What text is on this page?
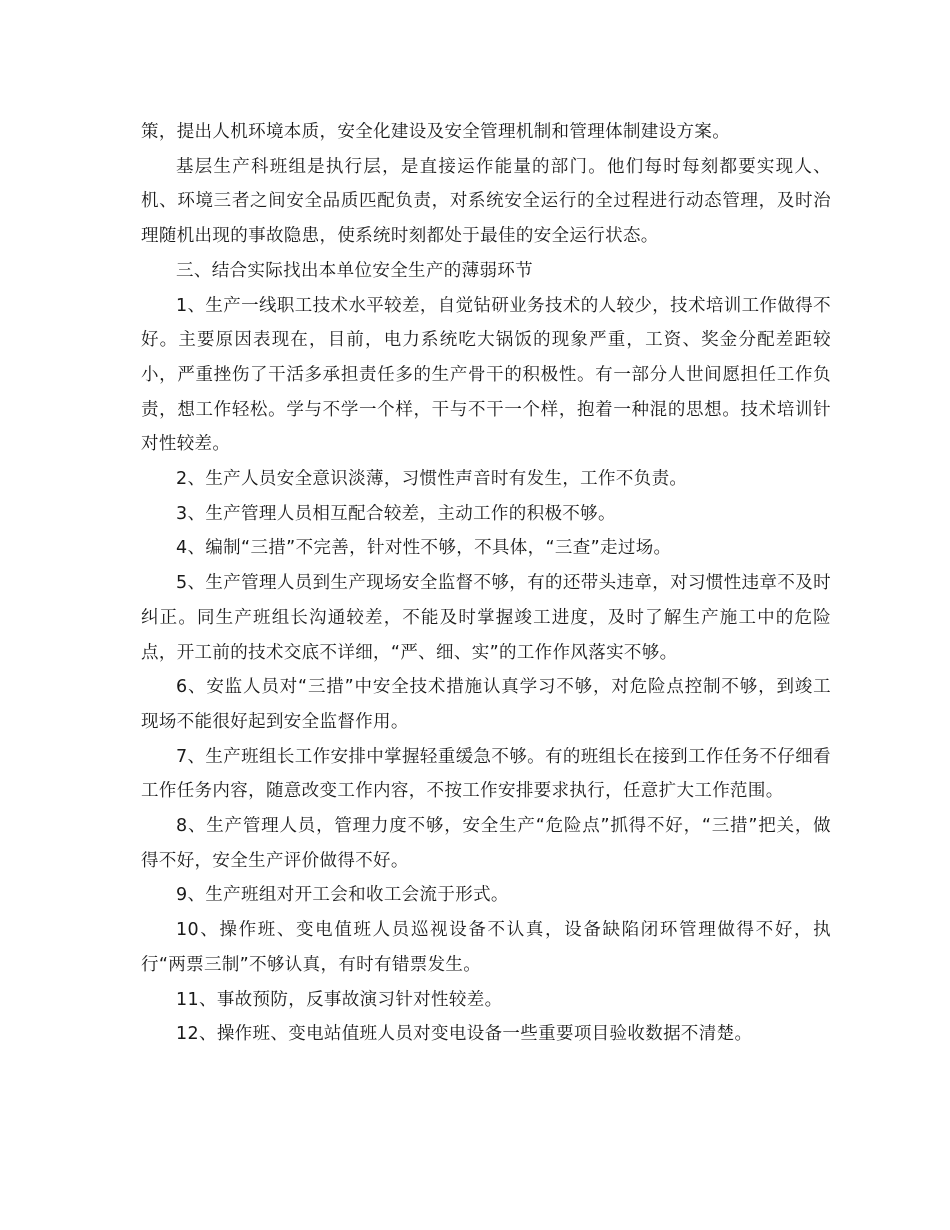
策，提出人机环境本质，安全化建设及安全管理机制和管理体制建设方案。

基层生产科班组是执行层，是直接运作能量的部门。他们每时每刻都要实现人、机、环境三者之间安全品质匹配负责，对系统安全运行的全过程进行动态管理，及时治理随机出现的事故隐患，使系统时刻都处于最佳的安全运行状态。

三、结合实际找出本单位安全生产的薄弱环节

1、生产一线职工技术水平较差，自觉钻研业务技术的人较少，技术培训工作做得不好。主要原因表现在，目前，电力系统吃大锅饭的现象严重，工资、奖金分配差距较小，严重挫伤了干活多承担责任多的生产骨干的积极性。有一部分人世间愿担任工作负责，想工作轻松。学与不学一个样，干与不干一个样，抱着一种混的思想。技术培训针对性较差。

2、生产人员安全意识淡薄，习惯性声音时有发生，工作不负责。

3、生产管理人员相互配合较差，主动工作的积极不够。

4、编制“三措”不完善，针对性不够，不具体，“三查”走过场。

5、生产管理人员到生产现场安全监督不够，有的还带头违章，对习惯性违章不及时纠正。同生产班组长沟通较差，不能及时掌握竣工进度，及时了解生产施工中的危险点，开工前的技术交底不详细，“严、细、实”的工作作风落实不够。

6、安监人员对“三措”中安全技术措施认真学习不够，对危险点控制不够，到竣工现场不能很好起到安全监督作用。

7、生产班组长工作安排中掌握轻重缓急不够。有的班组长在接到工作任务不仔细看工作任务内容，随意改变工作内容，不按工作安排要求执行，任意扩大工作范围。

8、生产管理人员，管理力度不够，安全生产“危险点”抓得不好，“三措”把关，做得不好，安全生产评价做得不好。

9、生产班组对开工会和收工会流于形式。

10、操作班、变电值班人员巡视设备不认真，设备缺陷闭环管理做得不好，执行“两票三制”不够认真，有时有错票发生。

11、事故预防，反事故演习针对性较差。

12、操作班、变电站值班人员对变电设备一些重要项目验收数据不清楚。
